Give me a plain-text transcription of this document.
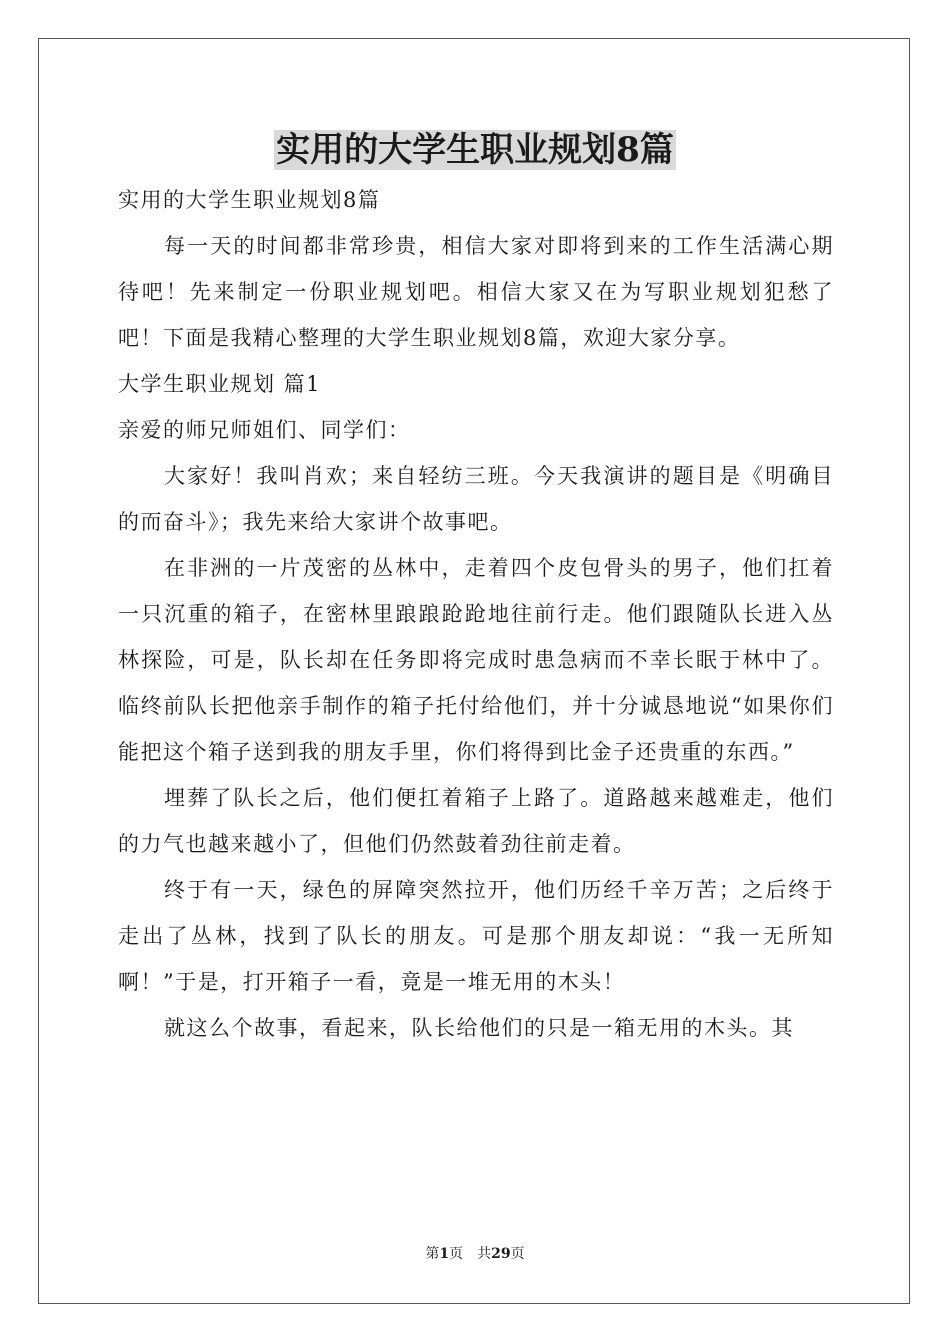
实用的大学生职业规划8篇

实用的大学生职业规划8篇

每一天的时间都非常珍贵，相信大家对即将到来的工作生活满心期待吧！先来制定一份职业规划吧。相信大家又在为写职业规划犯愁了吧！下面是我精心整理的大学生职业规划8篇，欢迎大家分享。

大学生职业规划 篇1

亲爱的师兄师姐们、同学们：

大家好！我叫肖欢；来自轻纺三班。今天我演讲的题目是《明确目的而奋斗》；我先来给大家讲个故事吧。

在非洲的一片茂密的丛林中，走着四个皮包骨头的男子，他们扛着一只沉重的箱子，在密林里踉踉跄跄地往前行走。他们跟随队长进入丛林探险，可是，队长却在任务即将完成时患急病而不幸长眠于林中了。临终前队长把他亲手制作的箱子托付给他们，并十分诚恳地说“如果你们能把这个箱子送到我的朋友手里，你们将得到比金子还贵重的东西。”

埋葬了队长之后，他们便扛着箱子上路了。道路越来越难走，他们的力气也越来越小了，但他们仍然鼓着劲往前走着。

终于有一天，绿色的屏障突然拉开，他们历经千辛万苦；之后终于走出了丛林，找到了队长的朋友。可是那个朋友却说：“我一无所知啊！”于是，打开箱子一看，竟是一堆无用的木头！

就这么个故事，看起来，队长给他们的只是一箱无用的木头。其

第1页 共29页
